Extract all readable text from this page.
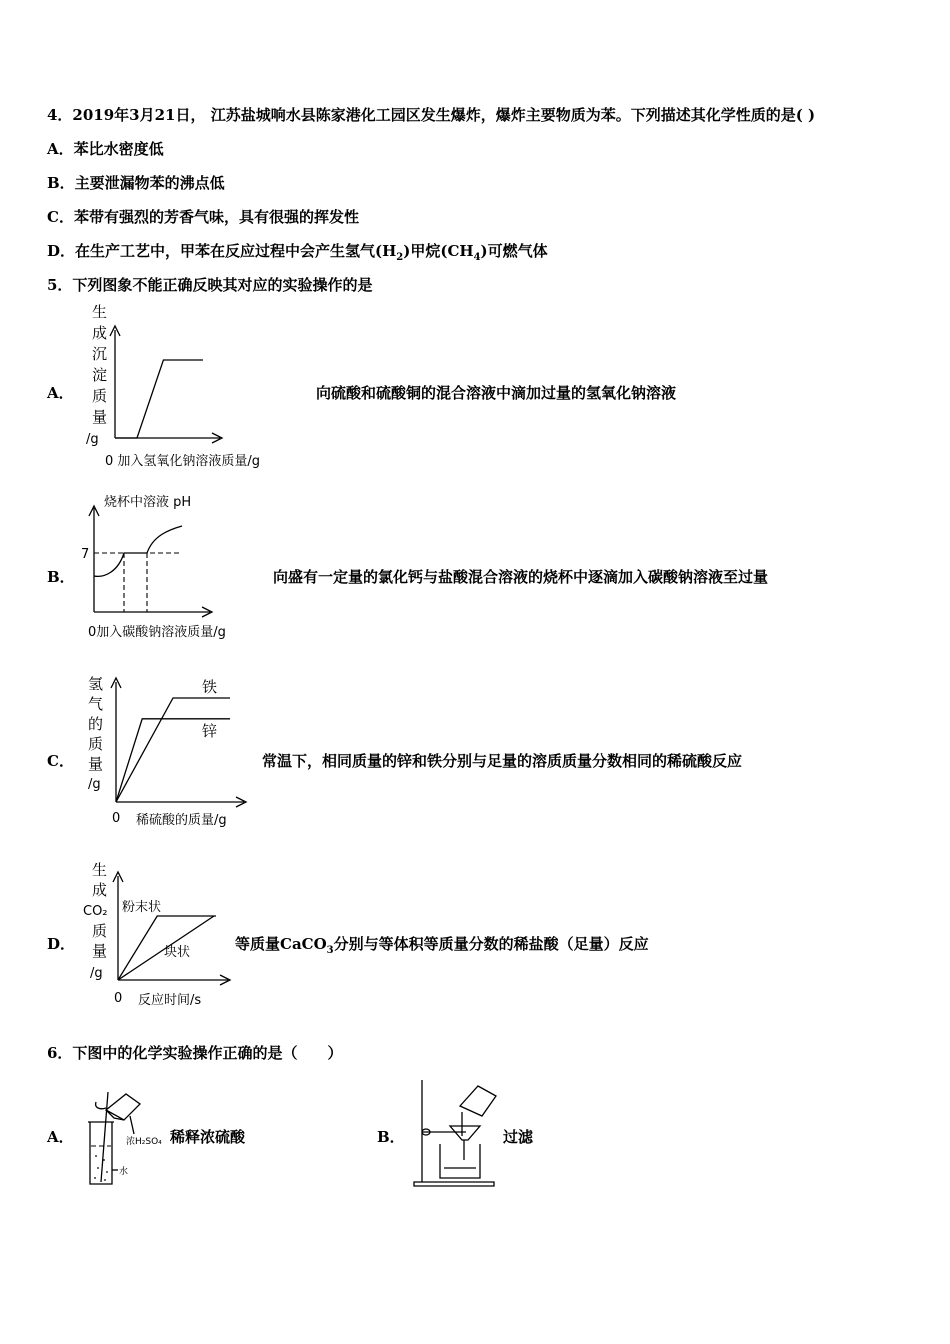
4．2019年3月21日， 江苏盐城响水县陈家港化工园区发生爆炸，爆炸主要物质为苯。下列描述其化学性质的是( )
A．苯比水密度低
B．主要泄漏物苯的沸点低
C．苯带有强烈的芳香气味，具有很强的挥发性
D．在生产工艺中，甲苯在反应过程中会产生氢气$(H_2)$甲烷$(CH_4)$可燃气体
5．下列图象不能正确反映其对应的实验操作的是
A．
生
成
沉
淀
质
量
/g
0 加入氢氧化钠溶液质量/g
向硫酸和硫酸铜的混合溶液中滴加过量的氢氧化钠溶液
B．
烧杯中溶液 pH
7
0加入碳酸钠溶液质量/g
向盛有一定量的氯化钙与盐酸混合溶液的烧杯中逐滴加入碳酸钠溶液至过量
C．
氢
气
的
质
量
/g
铁
锌
0 稀硫酸的质量/g
常温下，相同质量的锌和铁分别与足量的溶质质量分数相同的稀硫酸反应
D．
生
成
CO₂
质
量
/g
粉末状
块状
0 反应时间/s
等质量CaCO$_3$分别与等体积等质量分数的稀盐酸（足量）反应
6．下图中的化学实验操作正确的是（　　）
A．	浓H₂SO₄
水
稀释浓硫酸	B．	过滤
